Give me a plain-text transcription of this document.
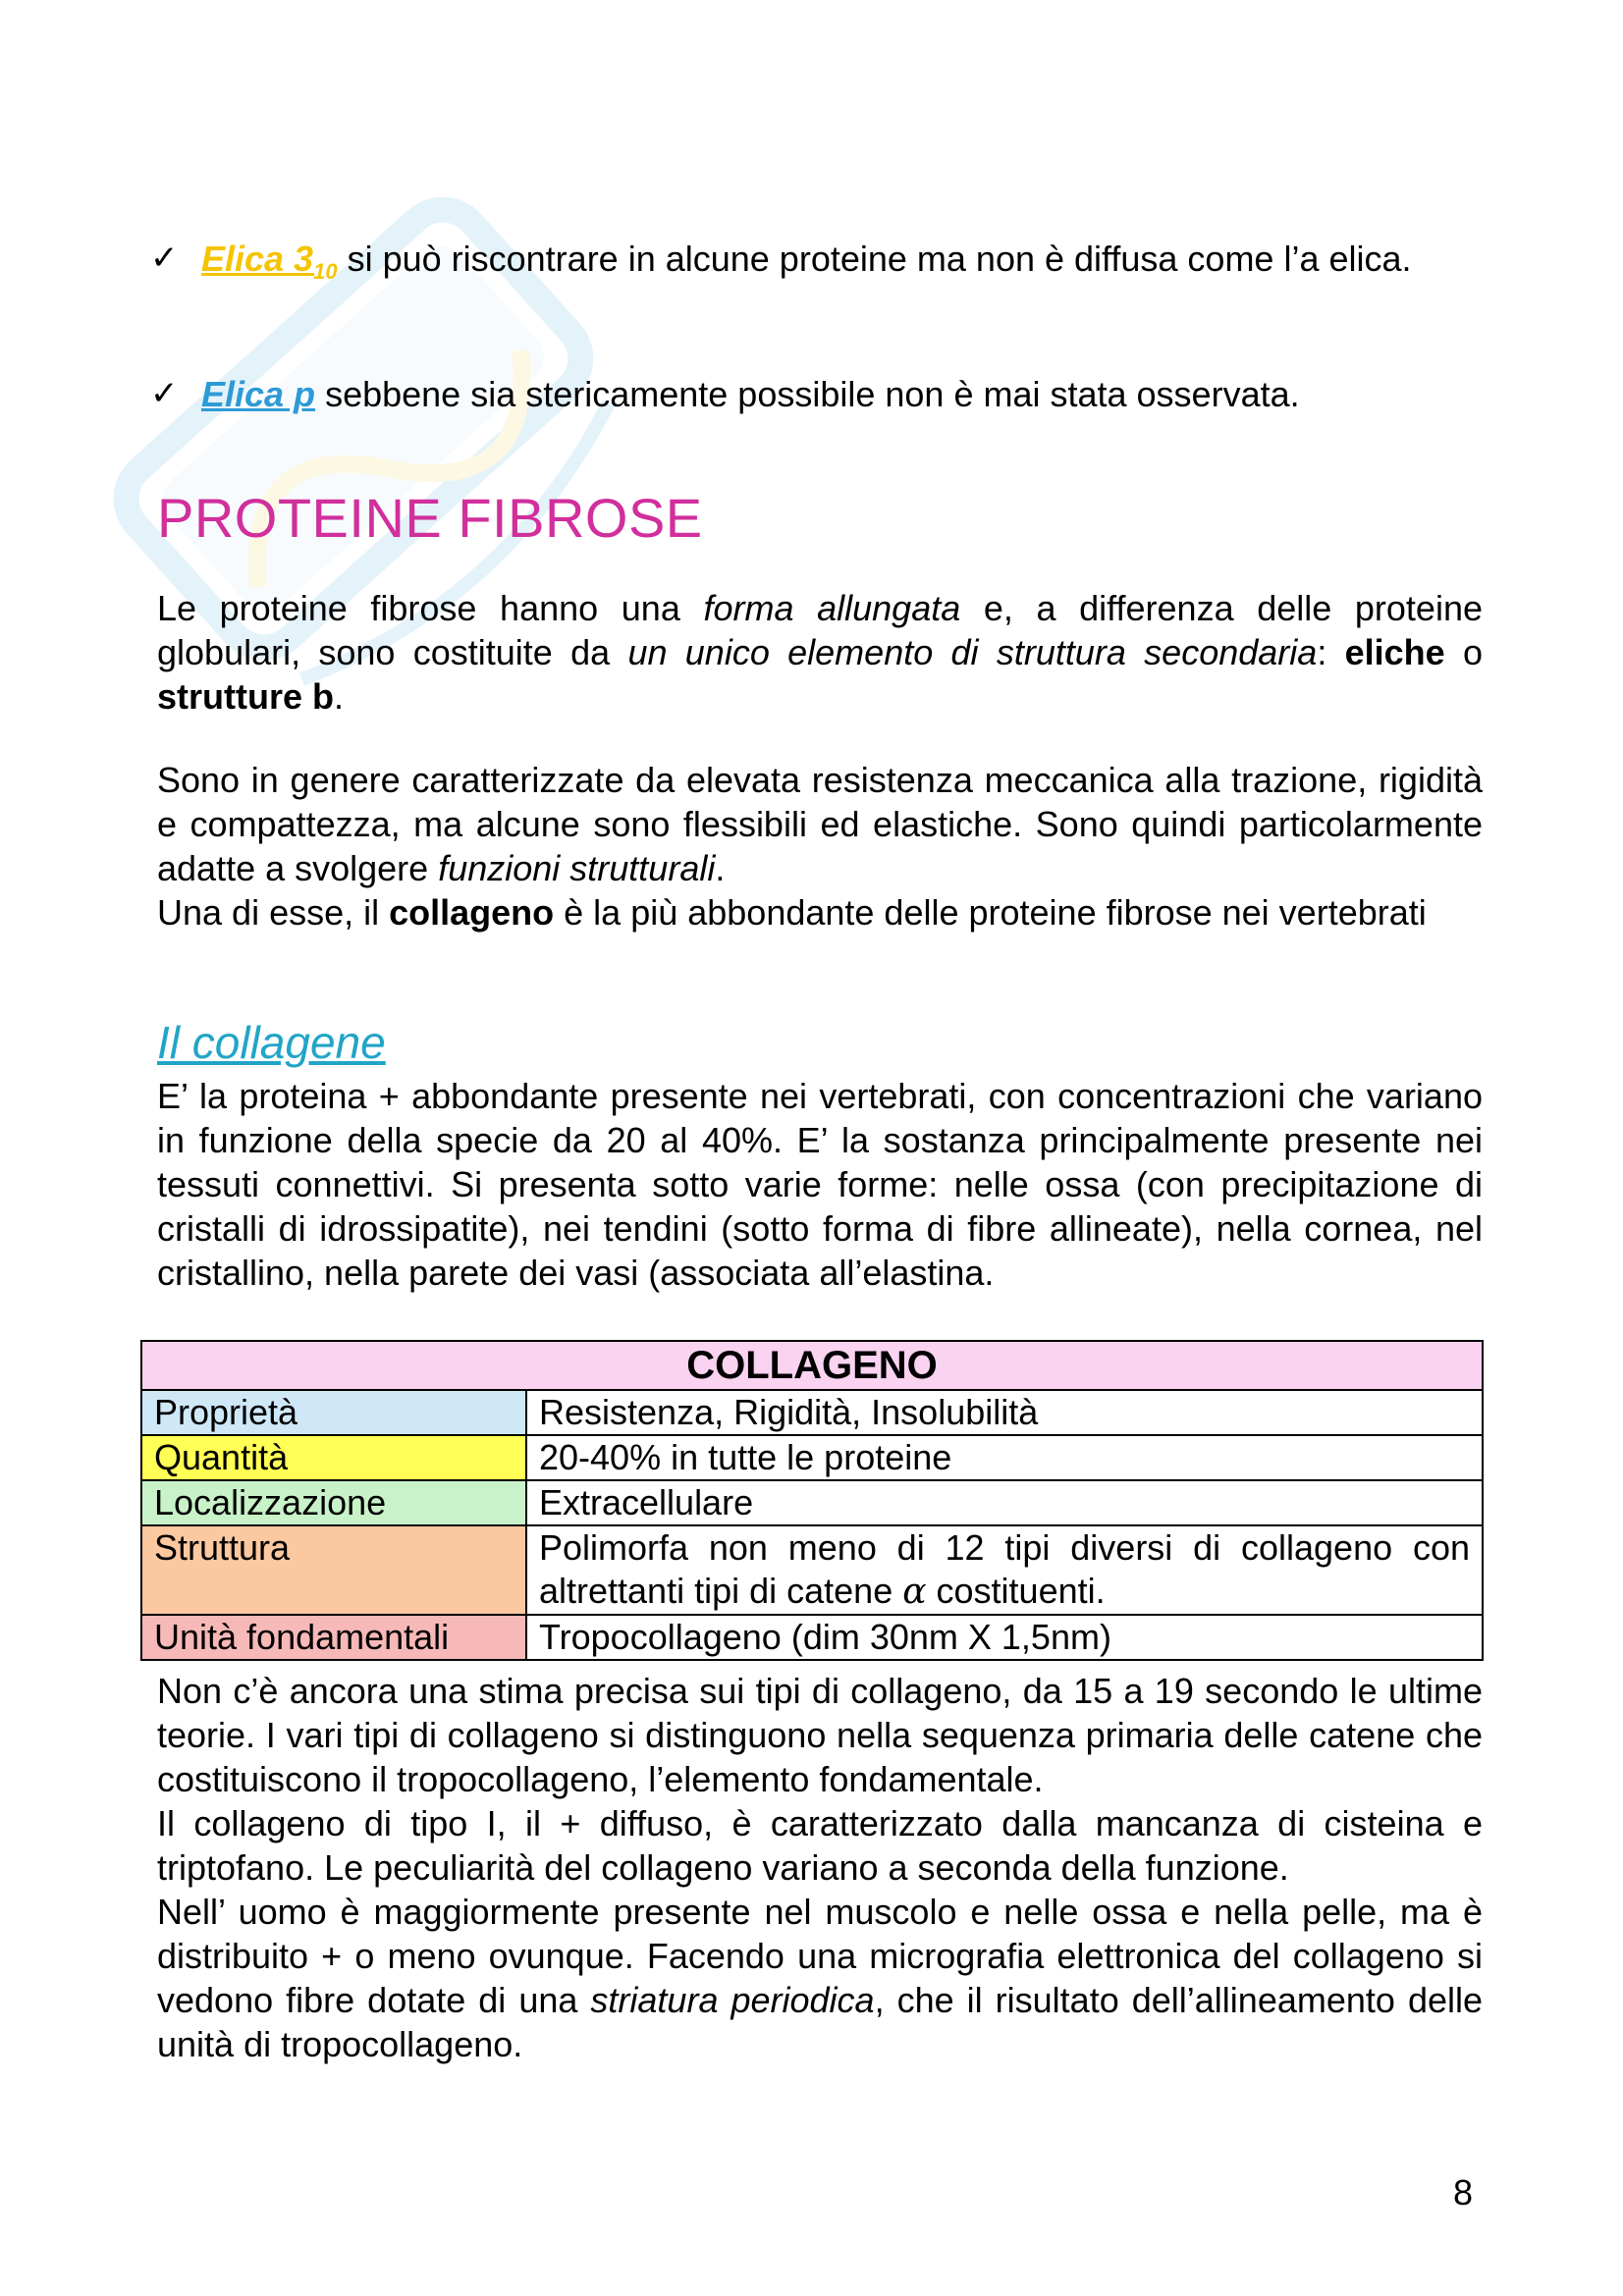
✓ Elica $3_{10}$ si può riscontrare in alcune proteine ma non è diffusa come l’a elica.
✓ Elica p sebbene sia stericamente possibile non è mai stata osservata.
PROTEINE FIBROSE
Le proteine fibrose hanno una forma allungata e, a differenza delle proteine globulari, sono costituite da un unico elemento di struttura secondaria: eliche o strutture b.
Sono in genere caratterizzate da elevata resistenza meccanica alla trazione, rigidità e compattezza, ma alcune sono flessibili ed elastiche. Sono quindi particolarmente adatte a svolgere funzioni strutturali.
Una di esse, il collageno è la più abbondante delle proteine fibrose nei vertebrati
Il collagene
E’ la proteina + abbondante presente nei vertebrati, con concentrazioni che variano in funzione della specie da 20 al 40%. E’ la sostanza principalmente presente nei tessuti connettivi. Si presenta sotto varie forme: nelle ossa (con precipitazione di cristalli di idrossipatite), nei tendini (sotto forma di fibre allineate), nella cornea, nel cristallino, nella parete dei vasi (associata all’elastina.
COLLAGENO	
Proprietà	Resistenza, Rigidità, Insolubilità
Quantità	20-40% in tutte le proteine
Localizzazione	Extracellulare
Struttura	Polimorfa non meno di 12 tipi diversi di collageno con altrettanti tipi di catene α costituenti.
Unità fondamentali	Tropocollageno (dim 30nm X 1,5nm)
Non c’è ancora una stima precisa sui tipi di collageno, da 15 a 19 secondo le ultime teorie. I vari tipi di collageno si distinguono nella sequenza primaria delle catene che costituiscono il tropocollageno, l’elemento fondamentale.
Il collageno di tipo I, il + diffuso, è caratterizzato dalla mancanza di cisteina e triptofano. Le peculiarità del collageno variano a seconda della funzione.
Nell’ uomo è maggiormente presente nel muscolo e nelle ossa e nella pelle, ma è distribuito + o meno ovunque. Facendo una micrografia elettronica del collageno si vedono fibre dotate di una striatura periodica, che il risultato dell’allineamento delle unità di tropocollageno.
8
